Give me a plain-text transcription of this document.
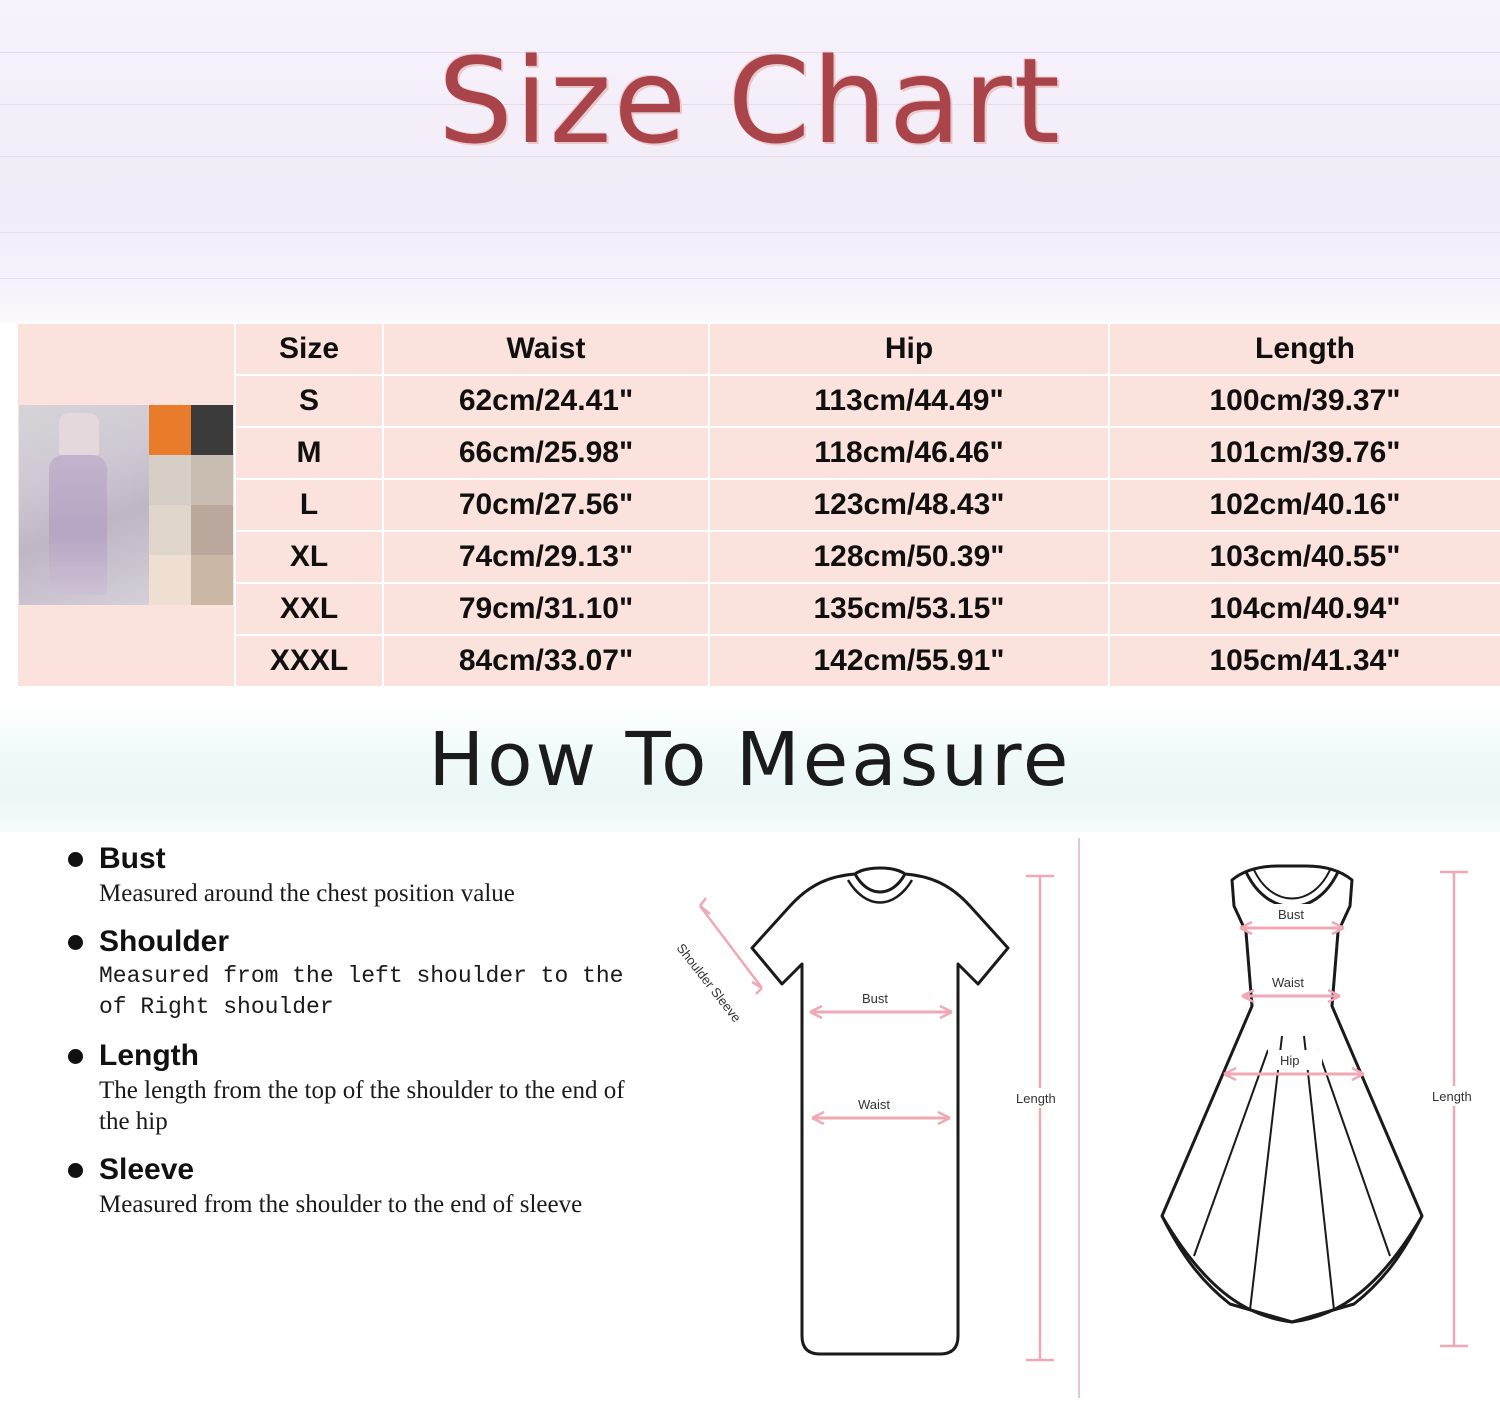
Size Chart
	Size	Waist	Hip	Length
	S	62cm/24.41"	113cm/44.49"	100cm/39.37"
	M	66cm/25.98"	118cm/46.46"	101cm/39.76"
	L	70cm/27.56"	123cm/48.43"	102cm/40.16"
	XL	74cm/29.13"	128cm/50.39"	103cm/40.55"
	XXL	79cm/31.10"	135cm/53.15"	104cm/40.94"
	XXXL	84cm/33.07"	142cm/55.91"	105cm/41.34"
How To Measure
Bust
Measured around the chest position value
Shoulder
Measured from the left shoulder to the of Right shoulder
Length
The length from the top of the shoulder to the end of the hip
Sleeve
Measured from the shoulder to the end of sleeve
Shoulder Sleeve	Bust
Waist	Length
Bust
Waist
Hip
Length
